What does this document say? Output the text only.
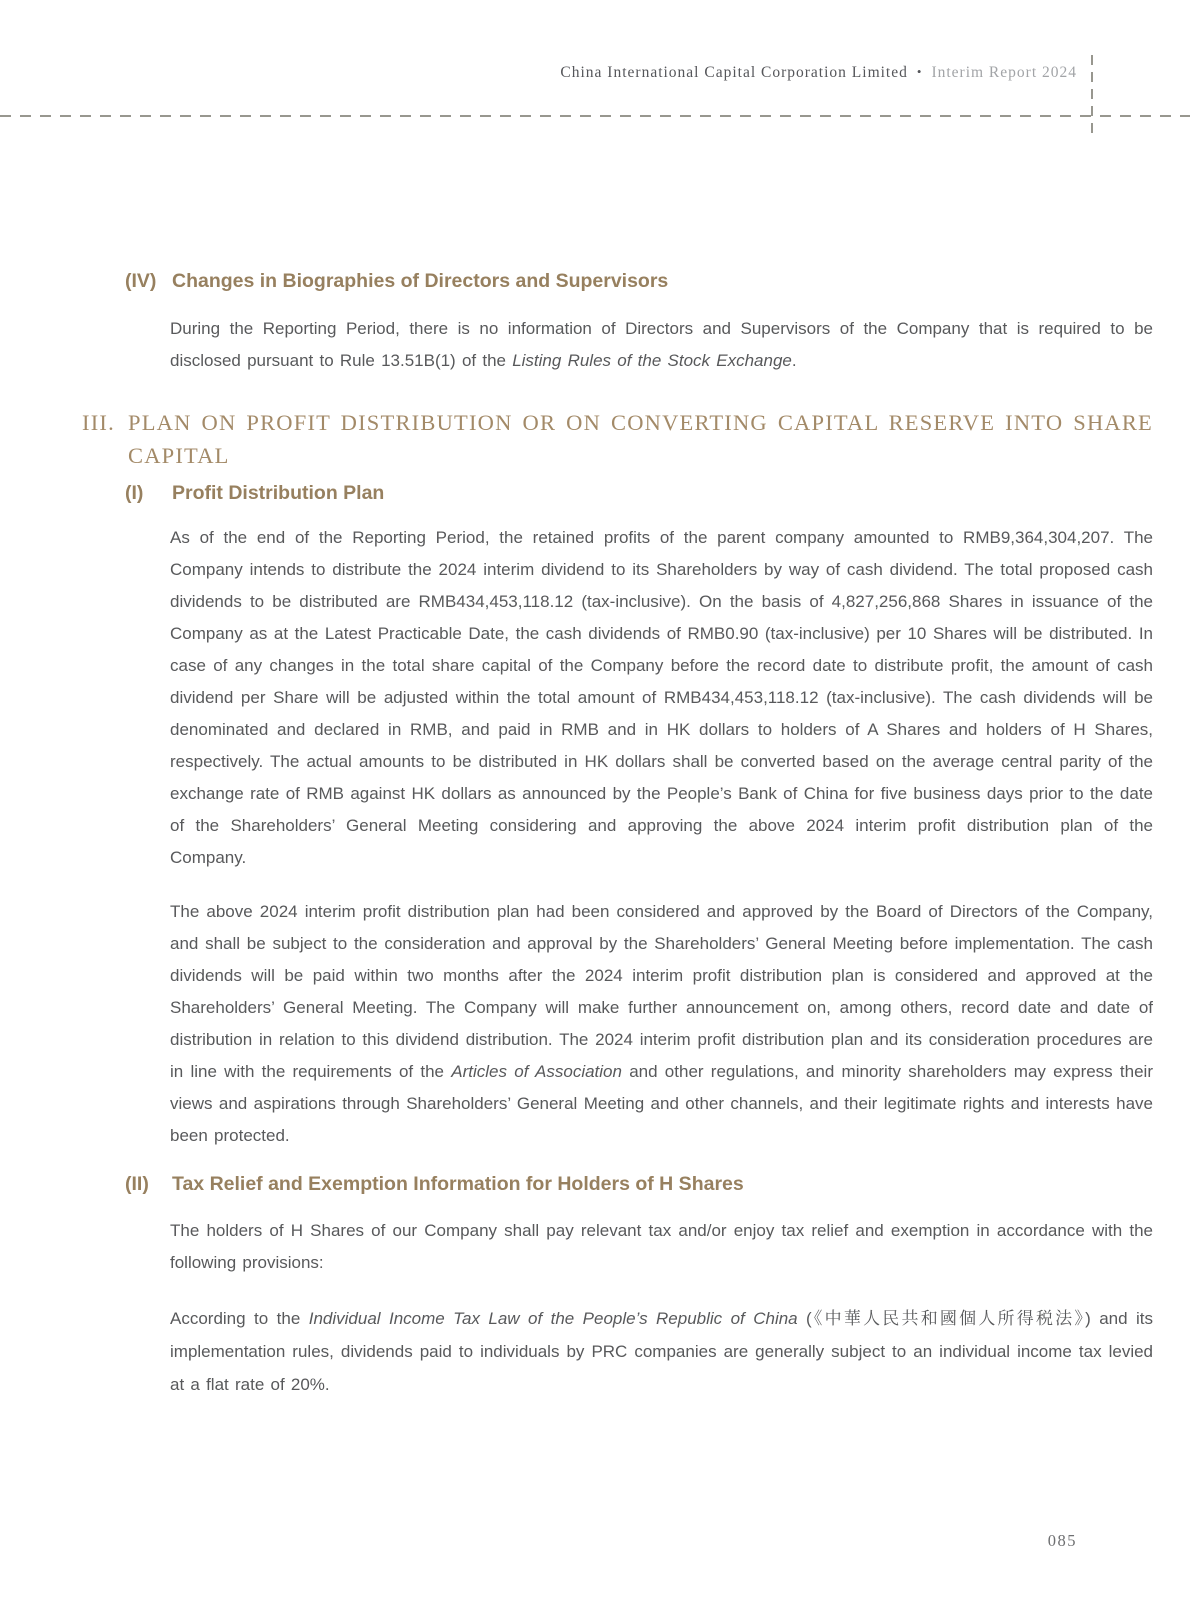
China International Capital Corporation Limited • Interim Report 2024
(IV) Changes in Biographies of Directors and Supervisors

During the Reporting Period, there is no information of Directors and Supervisors of the Company that is required to be disclosed pursuant to Rule 13.51B(1) of the Listing Rules of the Stock Exchange.

III. PLAN ON PROFIT DISTRIBUTION OR ON CONVERTING CAPITAL RESERVE INTO SHARE CAPITAL
(I)	Profit Distribution Plan

As of the end of the Reporting Period, the retained profits of the parent company amounted to RMB9,364,304,207. The Company intends to distribute the 2024 interim dividend to its Shareholders by way of cash dividend. The total proposed cash dividends to be distributed are RMB434,453,118.12 (tax-inclusive). On the basis of 4,827,256,868 Shares in issuance of the Company as at the Latest Practicable Date, the cash dividends of RMB0.90 (tax-inclusive) per 10 Shares will be distributed. In case of any changes in the total share capital of the Company before the record date to distribute profit, the amount of cash dividend per Share will be adjusted within the total amount of RMB434,453,118.12 (tax-inclusive). The cash dividends will be denominated and declared in RMB, and paid in RMB and in HK dollars to holders of A Shares and holders of H Shares, respectively. The actual amounts to be distributed in HK dollars shall be converted based on the average central parity of the exchange rate of RMB against HK dollars as announced by the People’s Bank of China for five business days prior to the date of the Shareholders’ General Meeting considering and approving the above 2024 interim profit distribution plan of the Company.

The above 2024 interim profit distribution plan had been considered and approved by the Board of Directors of the Company, and shall be subject to the consideration and approval by the Shareholders’ General Meeting before implementation. The cash dividends will be paid within two months after the 2024 interim profit distribution plan is considered and approved at the Shareholders’ General Meeting. The Company will make further announcement on, among others, record date and date of distribution in relation to this dividend distribution. The 2024 interim profit distribution plan and its consideration procedures are in line with the requirements of the Articles of Association and other regulations, and minority shareholders may express their views and aspirations through Shareholders’ General Meeting and other channels, and their legitimate rights and interests have been protected.

(II)	Tax Relief and Exemption Information for Holders of H Shares

The holders of H Shares of our Company shall pay relevant tax and/or enjoy tax relief and exemption in accordance with the following provisions:

According to the Individual Income Tax Law of the People’s Republic of China (《中華人民共和國個人所得税法》) and its implementation rules, dividends paid to individuals by PRC companies are generally subject to an individual income tax levied at a flat rate of 20%.

085
